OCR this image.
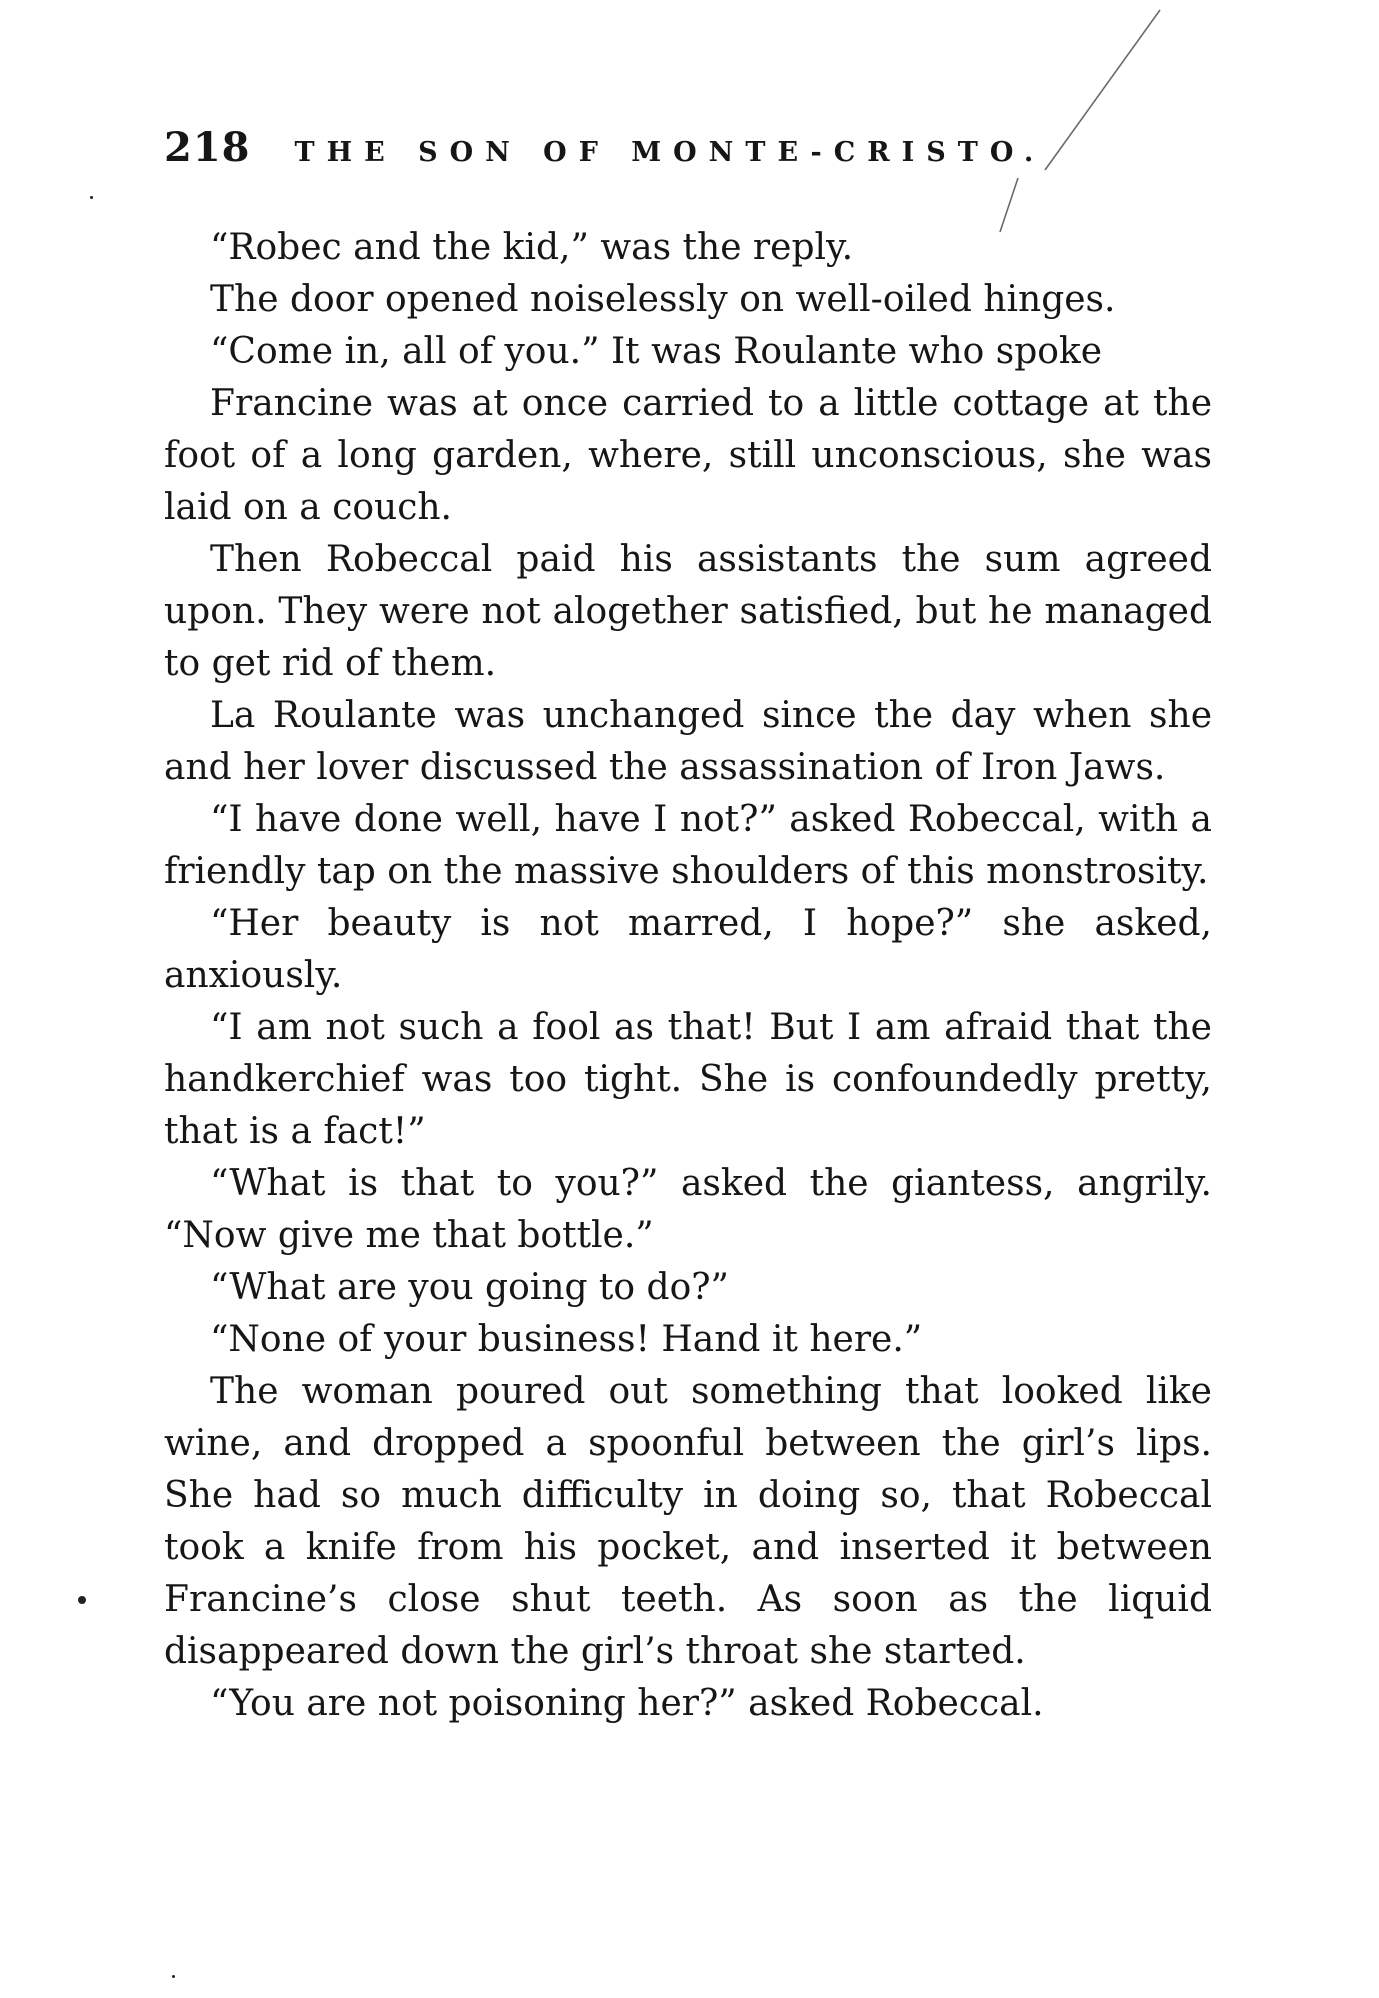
218 THE SON OF MONTE-CRISTO.

“Robec and the kid,” was the reply.

The door opened noiselessly on well-oiled hinges.

“Come in, all of you.” It was Roulante who spoke

Francine was at once carried to a little cottage at the foot of a long garden, where, still unconscious, she was laid on a couch.

Then Robeccal paid his assistants the sum agreed upon. They were not alogether satisfied, but he managed to get rid of them.

La Roulante was unchanged since the day when she and her lover discussed the assassination of Iron Jaws.

“I have done well, have I not?” asked Robeccal, with a friendly tap on the massive shoulders of this monstrosity.

“Her beauty is not marred, I hope?” she asked, anxiously.

“I am not such a fool as that! But I am afraid that the handkerchief was too tight. She is confoundedly pretty, that is a fact!”

“What is that to you?” asked the giantess, angrily. “Now give me that bottle.”

“What are you going to do?”

“None of your business! Hand it here.”

The woman poured out something that looked like wine, and dropped a spoonful between the girl’s lips. She had so much difficulty in doing so, that Robeccal took a knife from his pocket, and inserted it between Francine’s close shut teeth. As soon as the liquid disappeared down the girl’s throat she started.

“You are not poisoning her?” asked Robeccal.
